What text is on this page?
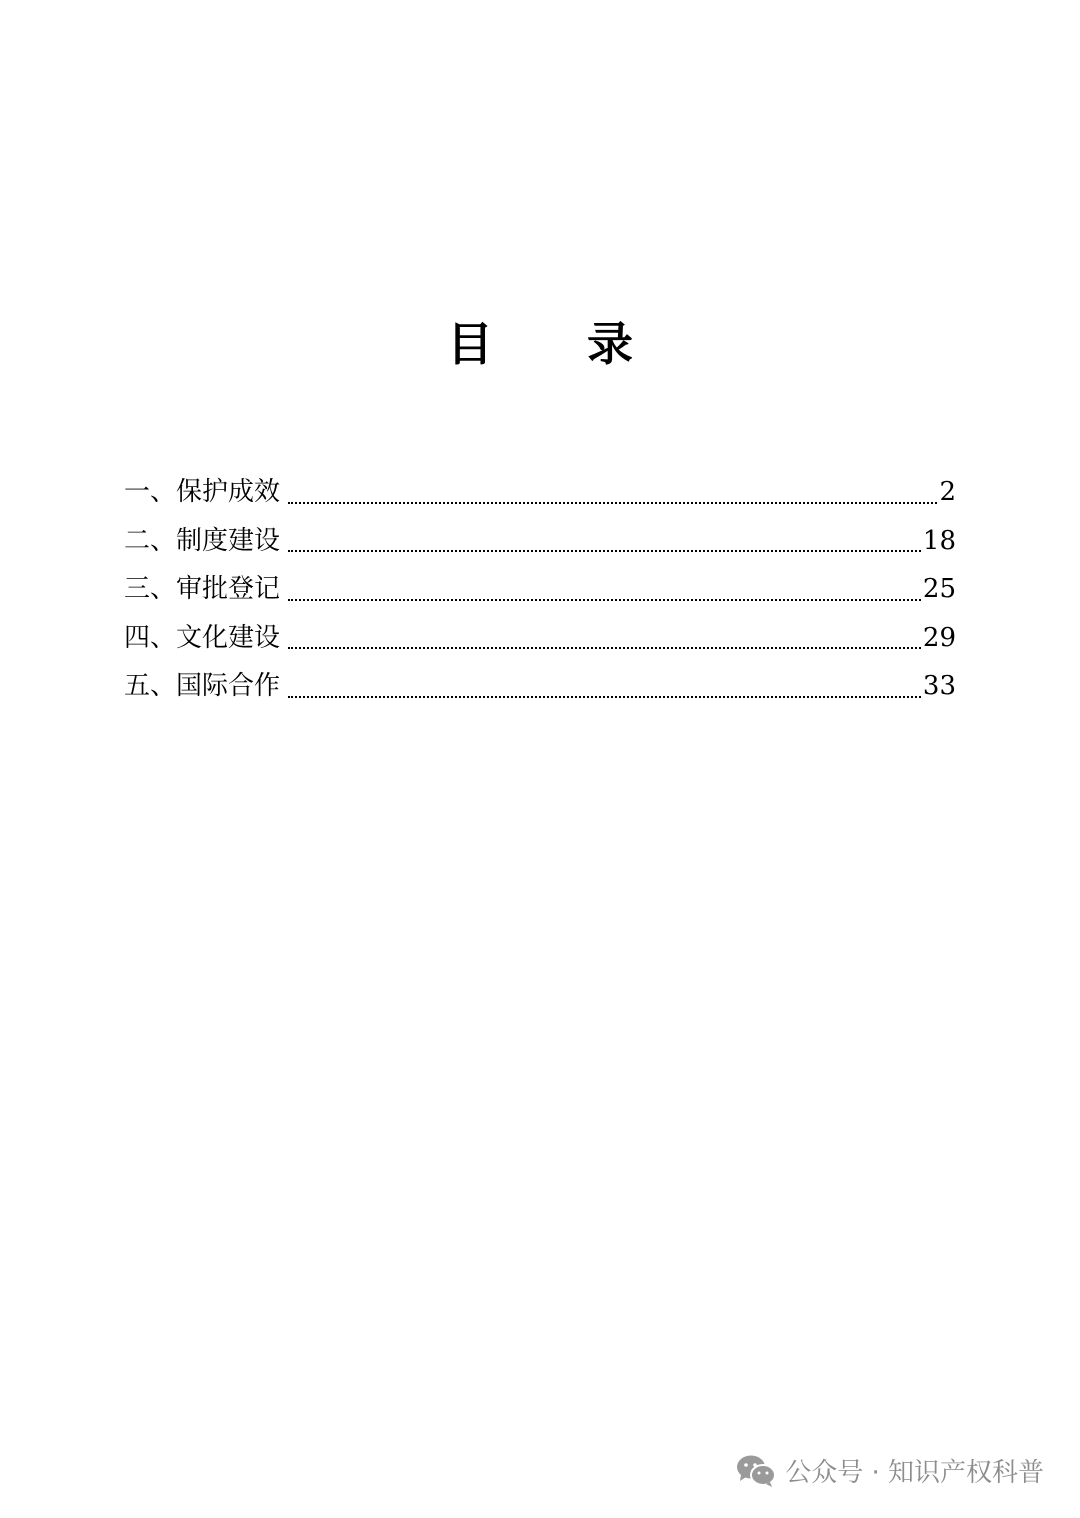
目 录
一、 保护成效	2
二、 制度建设	18
三、 审批登记	25
四、 文化建设	29
五、 国际合作	33
公众号 · 知识产权科普
